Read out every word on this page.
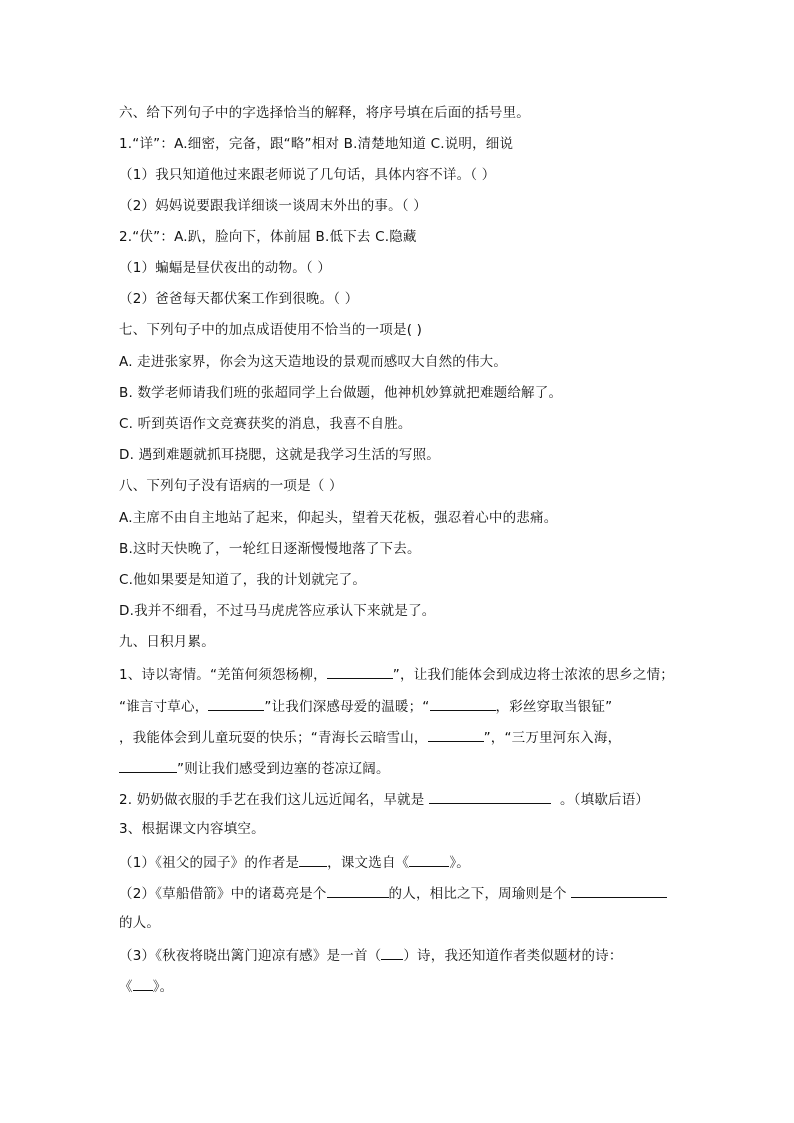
六、给下列句子中的字选择恰当的解释，将序号填在后面的括号里。
1.“详”：A.细密，完备，跟“略”相对 B.清楚地知道 C.说明，细说
（1）我只知道他过来跟老师说了几句话，具体内容不详。（ ）
（2）妈妈说要跟我详细谈一谈周末外出的事。（ ）
2.“伏”：A.趴，脸向下，体前屈 B.低下去 C.隐藏
（1）蝙蝠是昼伏夜出的动物。（ ）
（2）爸爸每天都伏案工作到很晚。（ ）
七、下列句子中的加点成语使用不恰当的一项是( )
A. 走进张家界，你会为这天造地设的景观而感叹大自然的伟大。
B. 数学老师请我们班的张超同学上台做题，他神机妙算就把难题给解了。
C. 听到英语作文竞赛获奖的消息，我喜不自胜。
D. 遇到难题就抓耳挠腮，这就是我学习生活的写照。
八、下列句子没有语病的一项是（ ）
A.主席不由自主地站了起来，仰起头，望着天花板，强忍着心中的悲痛。
B.这时天快晚了，一轮红日逐渐慢慢地落了下去。
C.他如果要是知道了，我的计划就完了。
D.我并不细看，不过马马虎虎答应承认下来就是了。
九、日积月累。
1、诗以寄情。“羌笛何须怨杨柳，	”，让我们能体会到成边将士浓浓的思乡之情；
“谁言寸草心，	”让我们深感母爱的温暖；“	，彩丝穿取当银钲”
，我能体会到儿童玩耍的快乐；“青海长云暗雪山，	”，“三万里河东入海，
”则让我们感受到边塞的苍凉辽阔。
2. 奶奶做衣服的手艺在我们这儿远近闻名，早就是	。（填歇后语）
3、根据课文内容填空。
（1）《祖父的园子》的作者是 ，课文选自《	》。
（2）《草船借箭》中的诸葛亮是个	的人，相比之下，周瑜则是个
的人。
（3）《秋夜将晓出篱门迎凉有感》是一首（ ）诗，我还知道作者类似题材的诗：
《 》。
